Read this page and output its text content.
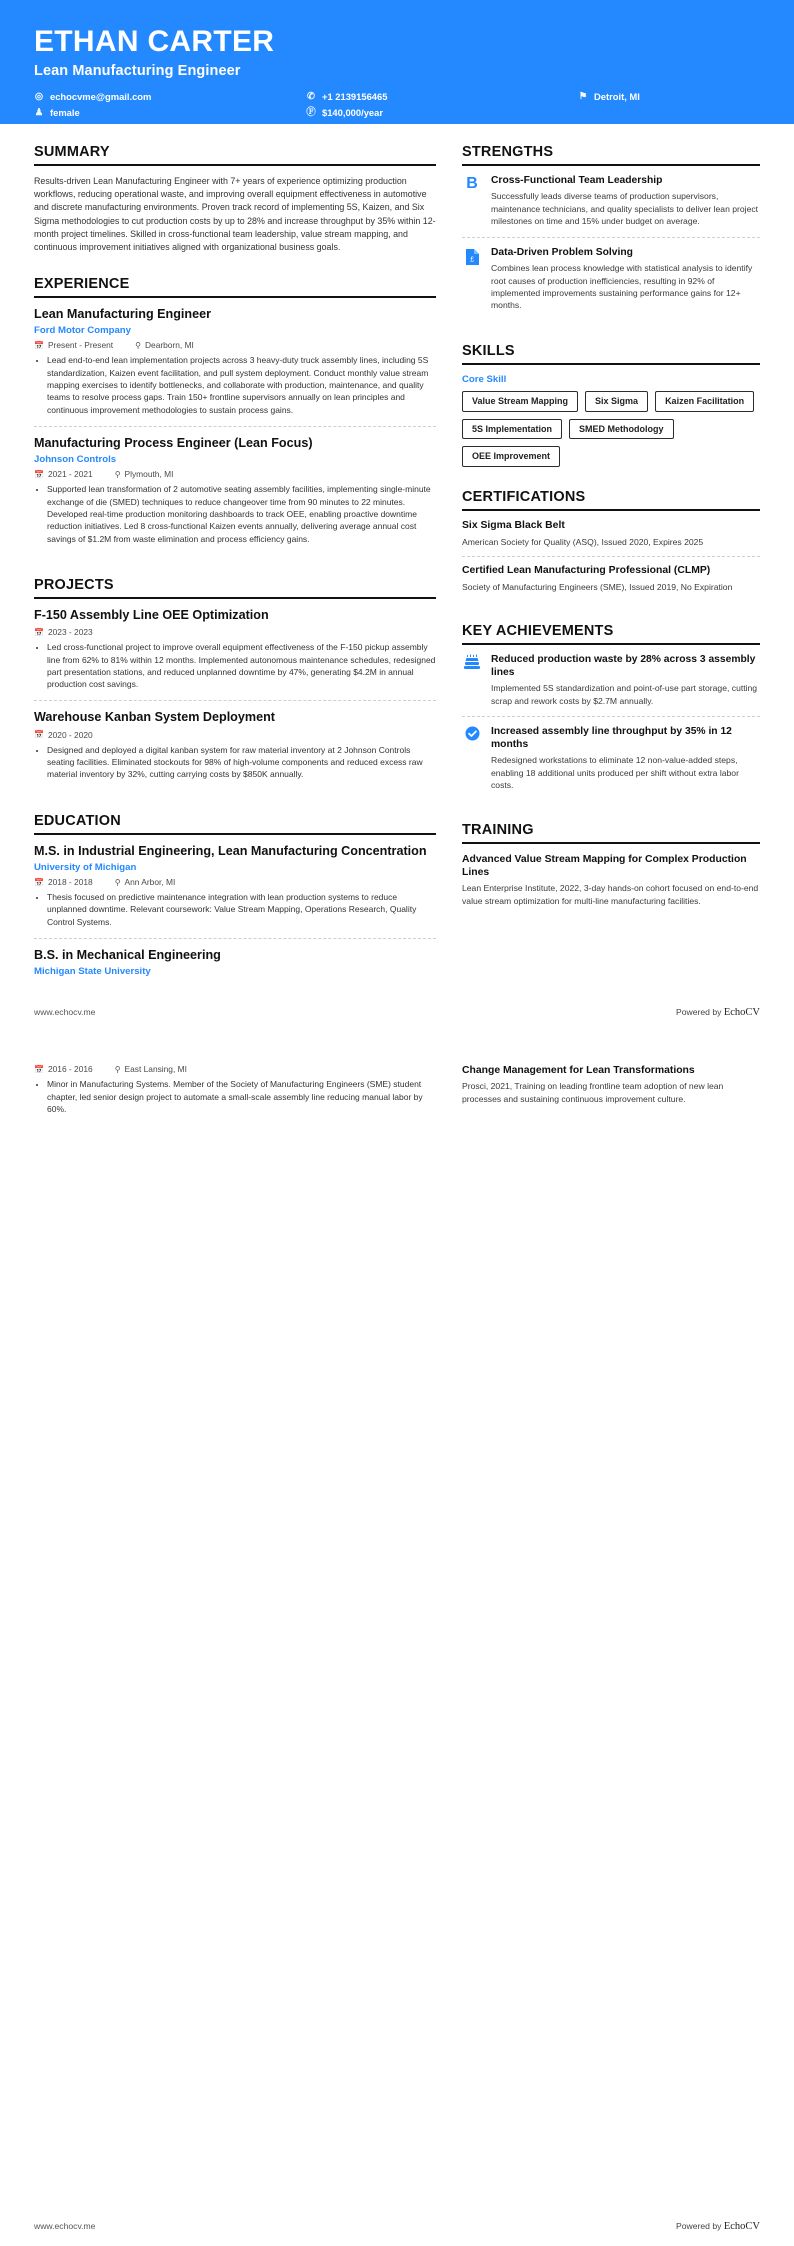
ETHAN CARTER
Lean Manufacturing Engineer
◎ echocvme@gmail.com	✆ +1 2139156465	⚑ Detroit, MI
♟ female	Ⓕ $140,000/year
SUMMARY
Results-driven Lean Manufacturing Engineer with 7+ years of experience optimizing production workflows, reducing operational waste, and improving overall equipment effectiveness in automotive and discrete manufacturing environments. Proven track record of implementing 5S, Kaizen, and Six Sigma methodologies to cut production costs by up to 28% and increase throughput by 35% within 12-month project timelines. Skilled in cross-functional team leadership, value stream mapping, and continuous improvement initiatives aligned with organizational business goals.
EXPERIENCE
Lean Manufacturing Engineer
Ford Motor Company
📅 Present - Present	⚲ Dearborn, MI
• Lead end-to-end lean implementation projects across 3 heavy-duty truck assembly lines, including 5S standardization, Kaizen event facilitation, and pull system deployment. Conduct monthly value stream mapping exercises to identify bottlenecks, and collaborate with production, maintenance, and quality teams to resolve process gaps. Train 150+ frontline supervisors annually on lean principles and continuous improvement methodologies to sustain process gains.
Manufacturing Process Engineer (Lean Focus)
Johnson Controls
📅 2021 - 2021	⚲ Plymouth, MI
• Supported lean transformation of 2 automotive seating assembly facilities, implementing single-minute exchange of die (SMED) techniques to reduce changeover time from 90 minutes to 22 minutes. Developed real-time production monitoring dashboards to track OEE, enabling proactive downtime reduction initiatives. Led 8 cross-functional Kaizen events annually, delivering average annual cost savings of $1.2M from waste elimination and process efficiency gains.
PROJECTS
F-150 Assembly Line OEE Optimization
📅 2023 - 2023
• Led cross-functional project to improve overall equipment effectiveness of the F-150 pickup assembly line from 62% to 81% within 12 months. Implemented autonomous maintenance schedules, redesigned part presentation stations, and reduced unplanned downtime by 47%, generating $4.2M in annual production cost savings.
Warehouse Kanban System Deployment
📅 2020 - 2020
• Designed and deployed a digital kanban system for raw material inventory at 2 Johnson Controls seating facilities. Eliminated stockouts for 98% of high-volume components and reduced excess raw material inventory by 32%, cutting carrying costs by $850K annually.
EDUCATION
M.S. in Industrial Engineering, Lean Manufacturing Concentration
University of Michigan
📅 2018 - 2018	⚲ Ann Arbor, MI
• Thesis focused on predictive maintenance integration with lean production systems to reduce unplanned downtime. Relevant coursework: Value Stream Mapping, Operations Research, Quality Control Systems.
B.S. in Mechanical Engineering
Michigan State University
STRENGTHS
B Cross-Functional Team Leadership
Successfully leads diverse teams of production supervisors, maintenance technicians, and quality specialists to deliver lean project milestones on time and 15% under budget on average.
£
Data-Driven Problem Solving
Combines lean process knowledge with statistical analysis to identify root causes of production inefficiencies, resulting in 92% of implemented improvements sustaining performance gains for 12+ months.
SKILLS
Core Skill
Value Stream Mapping	Six Sigma	Kaizen Facilitation
5S Implementation	SMED Methodology
OEE Improvement
CERTIFICATIONS
Six Sigma Black Belt
American Society for Quality (ASQ), Issued 2020, Expires 2025
Certified Lean Manufacturing Professional (CLMP)
Society of Manufacturing Engineers (SME), Issued 2019, No Expiration
KEY ACHIEVEMENTS
Reduced production waste by 28% across 3 assembly lines
Implemented 5S standardization and point-of-use part storage, cutting scrap and rework costs by $2.7M annually.
Increased assembly line throughput by 35% in 12 months
Redesigned workstations to eliminate 12 non-value-added steps, enabling 18 additional units produced per shift without extra labor costs.
TRAINING
Advanced Value Stream Mapping for Complex Production Lines
Lean Enterprise Institute, 2022, 3-day hands-on cohort focused on end-to-end value stream optimization for multi-line manufacturing facilities.
www.echocv.me	Powered by EchoCV
📅 2016 - 2016	⚲ East Lansing, MI
• Minor in Manufacturing Systems. Member of the Society of Manufacturing Engineers (SME) student chapter, led senior design project to automate a small-scale assembly line reducing manual labor by 60%.
Change Management for Lean Transformations
Prosci, 2021, Training on leading frontline team adoption of new lean processes and sustaining continuous improvement culture.
www.echocv.me	Powered by EchoCV
